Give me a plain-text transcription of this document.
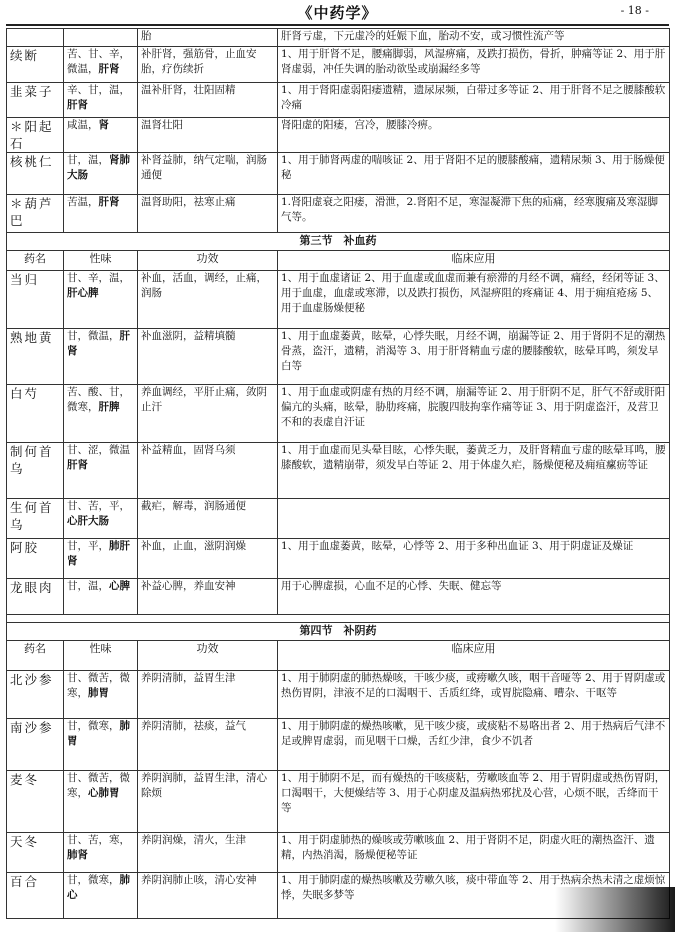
《中药学》	- 18 -
		胎	肝肾亏虚，下元虚冷的妊娠下血，胎动不安，或习惯性流产等
续断	苦、甘、辛，微温，肝肾	补肝肾，强筋骨，止血安胎，疗伤续折	1、用于肝肾不足，腰痛脚弱，风湿痹痛，及跌打损伤，骨折，肿痛等证 2、用于肝肾虚弱，冲任失调的胎动欲坠或崩漏经多等
韭菜子	辛、甘，温，肝肾	温补肝肾，壮阳固精	1、用于肾阳虚弱阳痿遗精，遗尿尿频，白带过多等证 2、用于肝肾不足之腰膝酸软冷痛
＊阳起石	咸温，肾	温肾壮阳	肾阳虚的阳痿，宫冷，腰膝冷痹。
核桃仁	甘，温，肾肺大肠	补肾益肺，纳气定喘，润肠通便	1、用于肺肾两虚的喘咳证 2、用于肾阳不足的腰膝酸痛，遗精尿频 3、用于肠燥便秘
＊葫芦巴	苦温，肝肾	温肾助阳，祛寒止痛	1.肾阳虚衰之阳痿，滑泄，2.肾阳不足，寒湿凝滞下焦的疝痛，经寒腹痛及寒湿脚气等。
第三节　补血药			
药名	性味	功效	临床应用
当归	甘、辛，温，肝心脾	补血，活血，调经，止痛，润肠	1、用于血虚诸证 2、用于血虚或血虚而兼有瘀滞的月经不调，痛经，经闭等证 3、用于血虚，血虚或寒滞，以及跌打损伤，风湿痹阻的疼痛证 4、用于痈疽疮疡 5、用于血虚肠燥便秘
熟地黄	甘，微温，肝肾	补血滋阴，益精填髓	1、用于血虚萎黄，眩晕，心悸失眠，月经不调，崩漏等证 2、用于肾阴不足的潮热骨蒸，盗汗，遗精，消渴等 3、用于肝肾精血亏虚的腰膝酸软，眩晕耳鸣，须发早白等
白芍	苦、酸、甘，微寒，肝脾	养血调经，平肝止痛，敛阴止汗	1、用于血虚或阴虚有热的月经不调，崩漏等证 2、用于肝阴不足，肝气不舒或肝阳偏亢的头痛，眩晕，胁肋疼痛，脘腹四肢拘挛作痛等证 3、用于阴虚盗汗，及营卫不和的表虚自汗证
制何首乌	甘、涩，微温肝肾	补益精血，固肾乌须	1、用于血虚而见头晕目眩，心悸失眠，萎黄乏力，及肝肾精血亏虚的眩晕耳鸣，腰膝酸软，遗精崩带，须发早白等证 2、用于体虚久疟，肠燥便秘及痈疽瘰疬等证
生何首乌	甘、苦，平，心肝大肠	截疟，解毒，润肠通便	
阿胶	甘，平，肺肝肾	补血，止血，滋阴润燥	1、用于血虚萎黄，眩晕，心悸等 2、用于多种出血证 3、用于阴虚证及燥证
龙眼肉	甘，温，心脾	补益心脾，养血安神	用于心脾虚损，心血不足的心悸、失眠、健忘等

第四节　补阴药			
药名	性味	功效	临床应用
北沙参	甘、微苦，微寒，肺胃	养阴清肺，益胃生津	1、用于肺阴虚的肺热燥咳，干咳少痰，或痨嗽久咳，咽干音哑等 2、用于胃阴虚或热伤胃阴，津液不足的口渴咽干、舌质红绛，或胃脘隐痛、嘈杂、干呕等
南沙参	甘，微寒，肺胃	养阴清肺，祛痰，益气	1、用于肺阴虚的燥热咳嗽，见干咳少痰，或痰粘不易咯出者 2、用于热病后气津不足或脾胃虚弱，而见咽干口燥，舌红少津，食少不饥者
麦冬	甘、微苦，微寒，心肺胃	养阴润肺，益胃生津，清心除烦	1、用于肺阴不足，而有燥热的干咳痰粘，劳嗽咳血等 2、用于胃阴虚或热伤胃阴，口渴咽干，大便燥结等 3、用于心阴虚及温病热邪扰及心营，心烦不眠，舌绛而干等
天冬	甘、苦，寒，肺肾	养阴润燥，清火，生津	1、用于阴虚肺热的燥咳或劳嗽咳血 2、用于肾阴不足，阴虚火旺的潮热盗汗、遗精，内热消渴，肠燥便秘等证
百合	甘，微寒，肺心	养阴润肺止咳，清心安神	1、用于肺阴虚的燥热咳嗽及劳嗽久咳，痰中带血等 2、用于热病余热未清之虚烦惊悸，失眠多梦等
